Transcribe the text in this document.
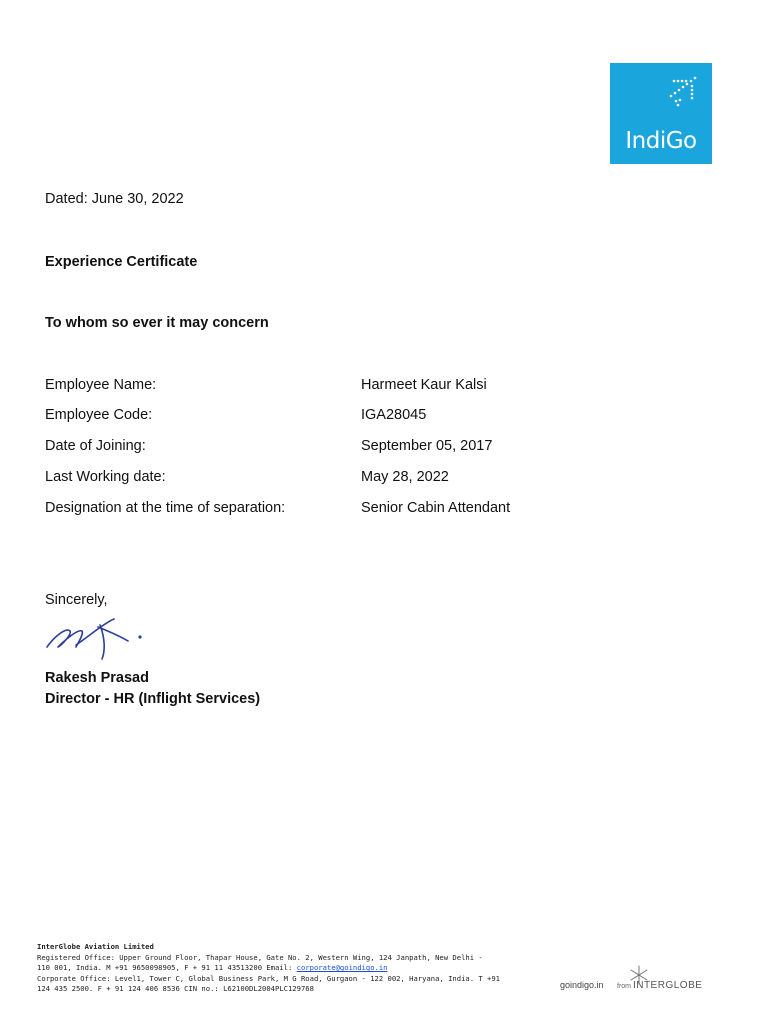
IndiGo
Dated: June 30, 2022
Experience Certificate
To whom so ever it may concern
Employee Name:	Harmeet Kaur Kalsi
Employee Code:	IGA28045
Date of Joining:	September 05, 2017
Last Working date:	May 28, 2022
Designation at the time of separation:	Senior Cabin Attendant
Sincerely,
Rakesh Prasad
Director - HR (Inflight Services)
InterGlobe Aviation Limited
Registered Office: Upper Ground Floor, Thapar House, Gate No. 2, Western Wing, 124 Janpath, New Delhi -
110 001, India. M +91 9650098905, F + 91 11 43513200 Email: corporate@goindigo.in
Corporate Office: Level1, Tower C, Global Business Park, M G Road, Gurgaon - 122 002, Haryana, India. T +91
124 435 2500. F + 91 124 406 8536 CIN no.: L62100DL2004PLC129768	goindigo.in from INTERGLOBE
